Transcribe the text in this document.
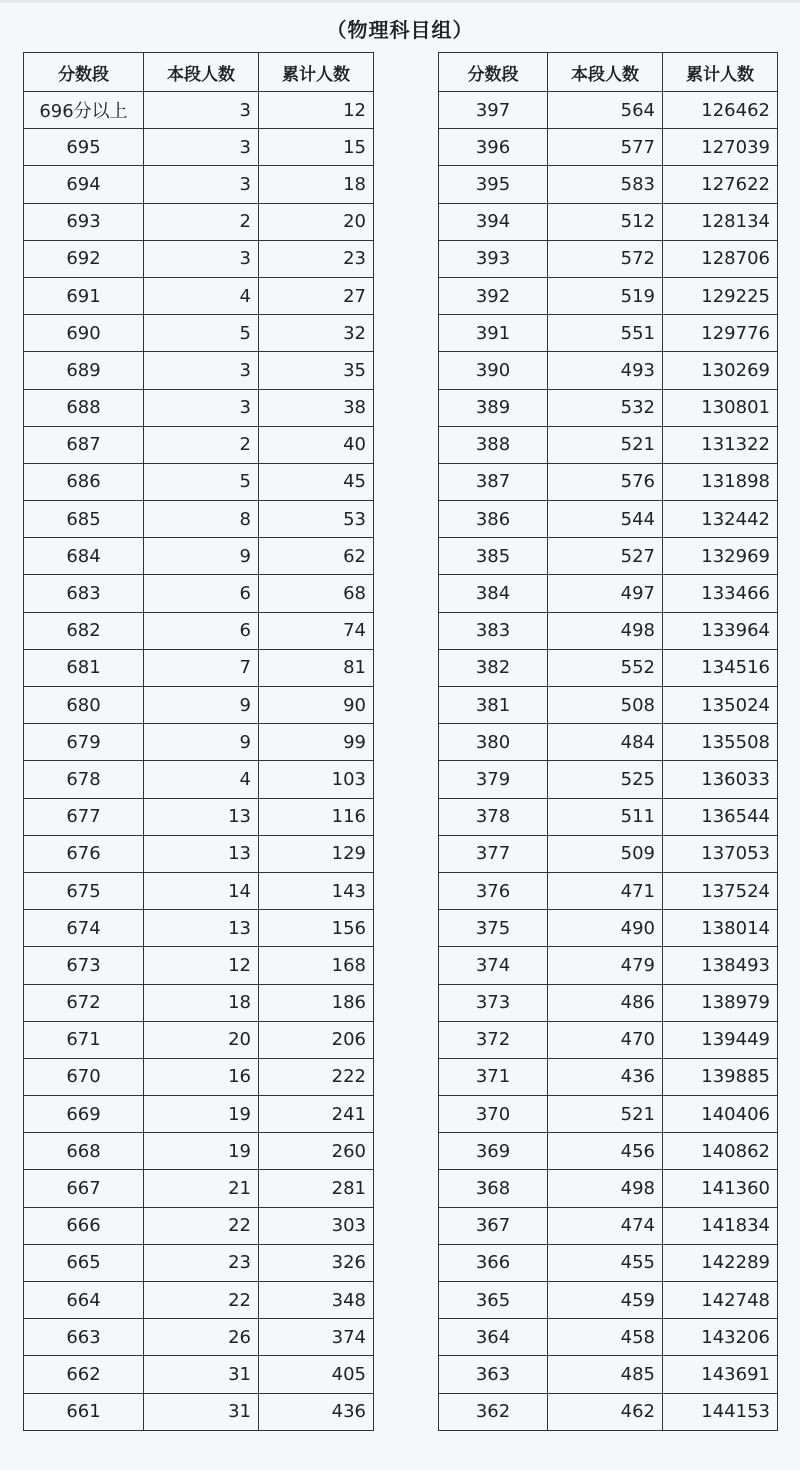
（物理科目组）
分数段	本段人数	累计人数
696分以上	3	12
695	3	15
694	3	18
693	2	20
692	3	23
691	4	27
690	5	32
689	3	35
688	3	38
687	2	40
686	5	45
685	8	53
684	9	62
683	6	68
682	6	74
681	7	81
680	9	90
679	9	99
678	4	103
677	13	116
676	13	129
675	14	143
674	13	156
673	12	168
672	18	186
671	20	206
670	16	222
669	19	241
668	19	260
667	21	281
666	22	303
665	23	326
664	22	348
663	26	374
662	31	405
661	31	436
分数段	本段人数	累计人数
397	564	126462
396	577	127039
395	583	127622
394	512	128134
393	572	128706
392	519	129225
391	551	129776
390	493	130269
389	532	130801
388	521	131322
387	576	131898
386	544	132442
385	527	132969
384	497	133466
383	498	133964
382	552	134516
381	508	135024
380	484	135508
379	525	136033
378	511	136544
377	509	137053
376	471	137524
375	490	138014
374	479	138493
373	486	138979
372	470	139449
371	436	139885
370	521	140406
369	456	140862
368	498	141360
367	474	141834
366	455	142289
365	459	142748
364	458	143206
363	485	143691
362	462	144153
